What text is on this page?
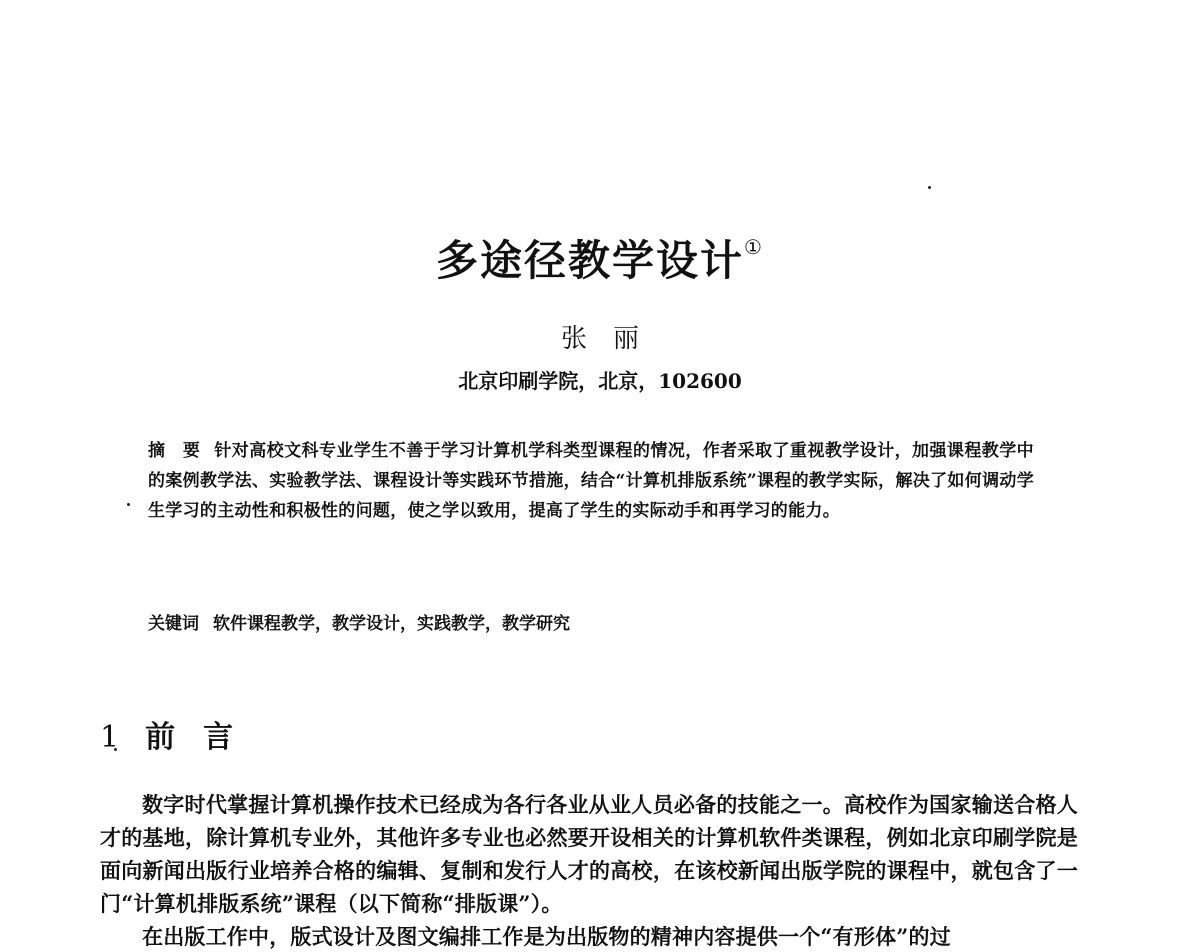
多途径教学设计①
张　丽
北京印刷学院，北京，102600
摘　要 针对高校文科专业学生不善于学习计算机学科类型课程的情况，作者采取了重视教学设计，加强课程教学中的案例教学法、实验教学法、课程设计等实践环节措施，结合“计算机排版系统”课程的教学实际，解决了如何调动学生学习的主动性和积极性的问题，使之学以致用，提高了学生的实际动手和再学习的能力。
关键词 软件课程教学，教学设计，实践教学，教学研究
1 前言

数字时代掌握计算机操作技术已经成为各行各业从业人员必备的技能之一。高校作为国家输送合格人才的基地，除计算机专业外，其他许多专业也必然要开设相关的计算机软件类课程，例如北京印刷学院是面向新闻出版行业培养合格的编辑、复制和发行人才的高校，在该校新闻出版学院的课程中，就包含了一门“计算机排版系统”课程（以下简称“排版课”）。

在出版工作中，版式设计及图文编排工作是为出版物的精神内容提供一个“有形体”的过
